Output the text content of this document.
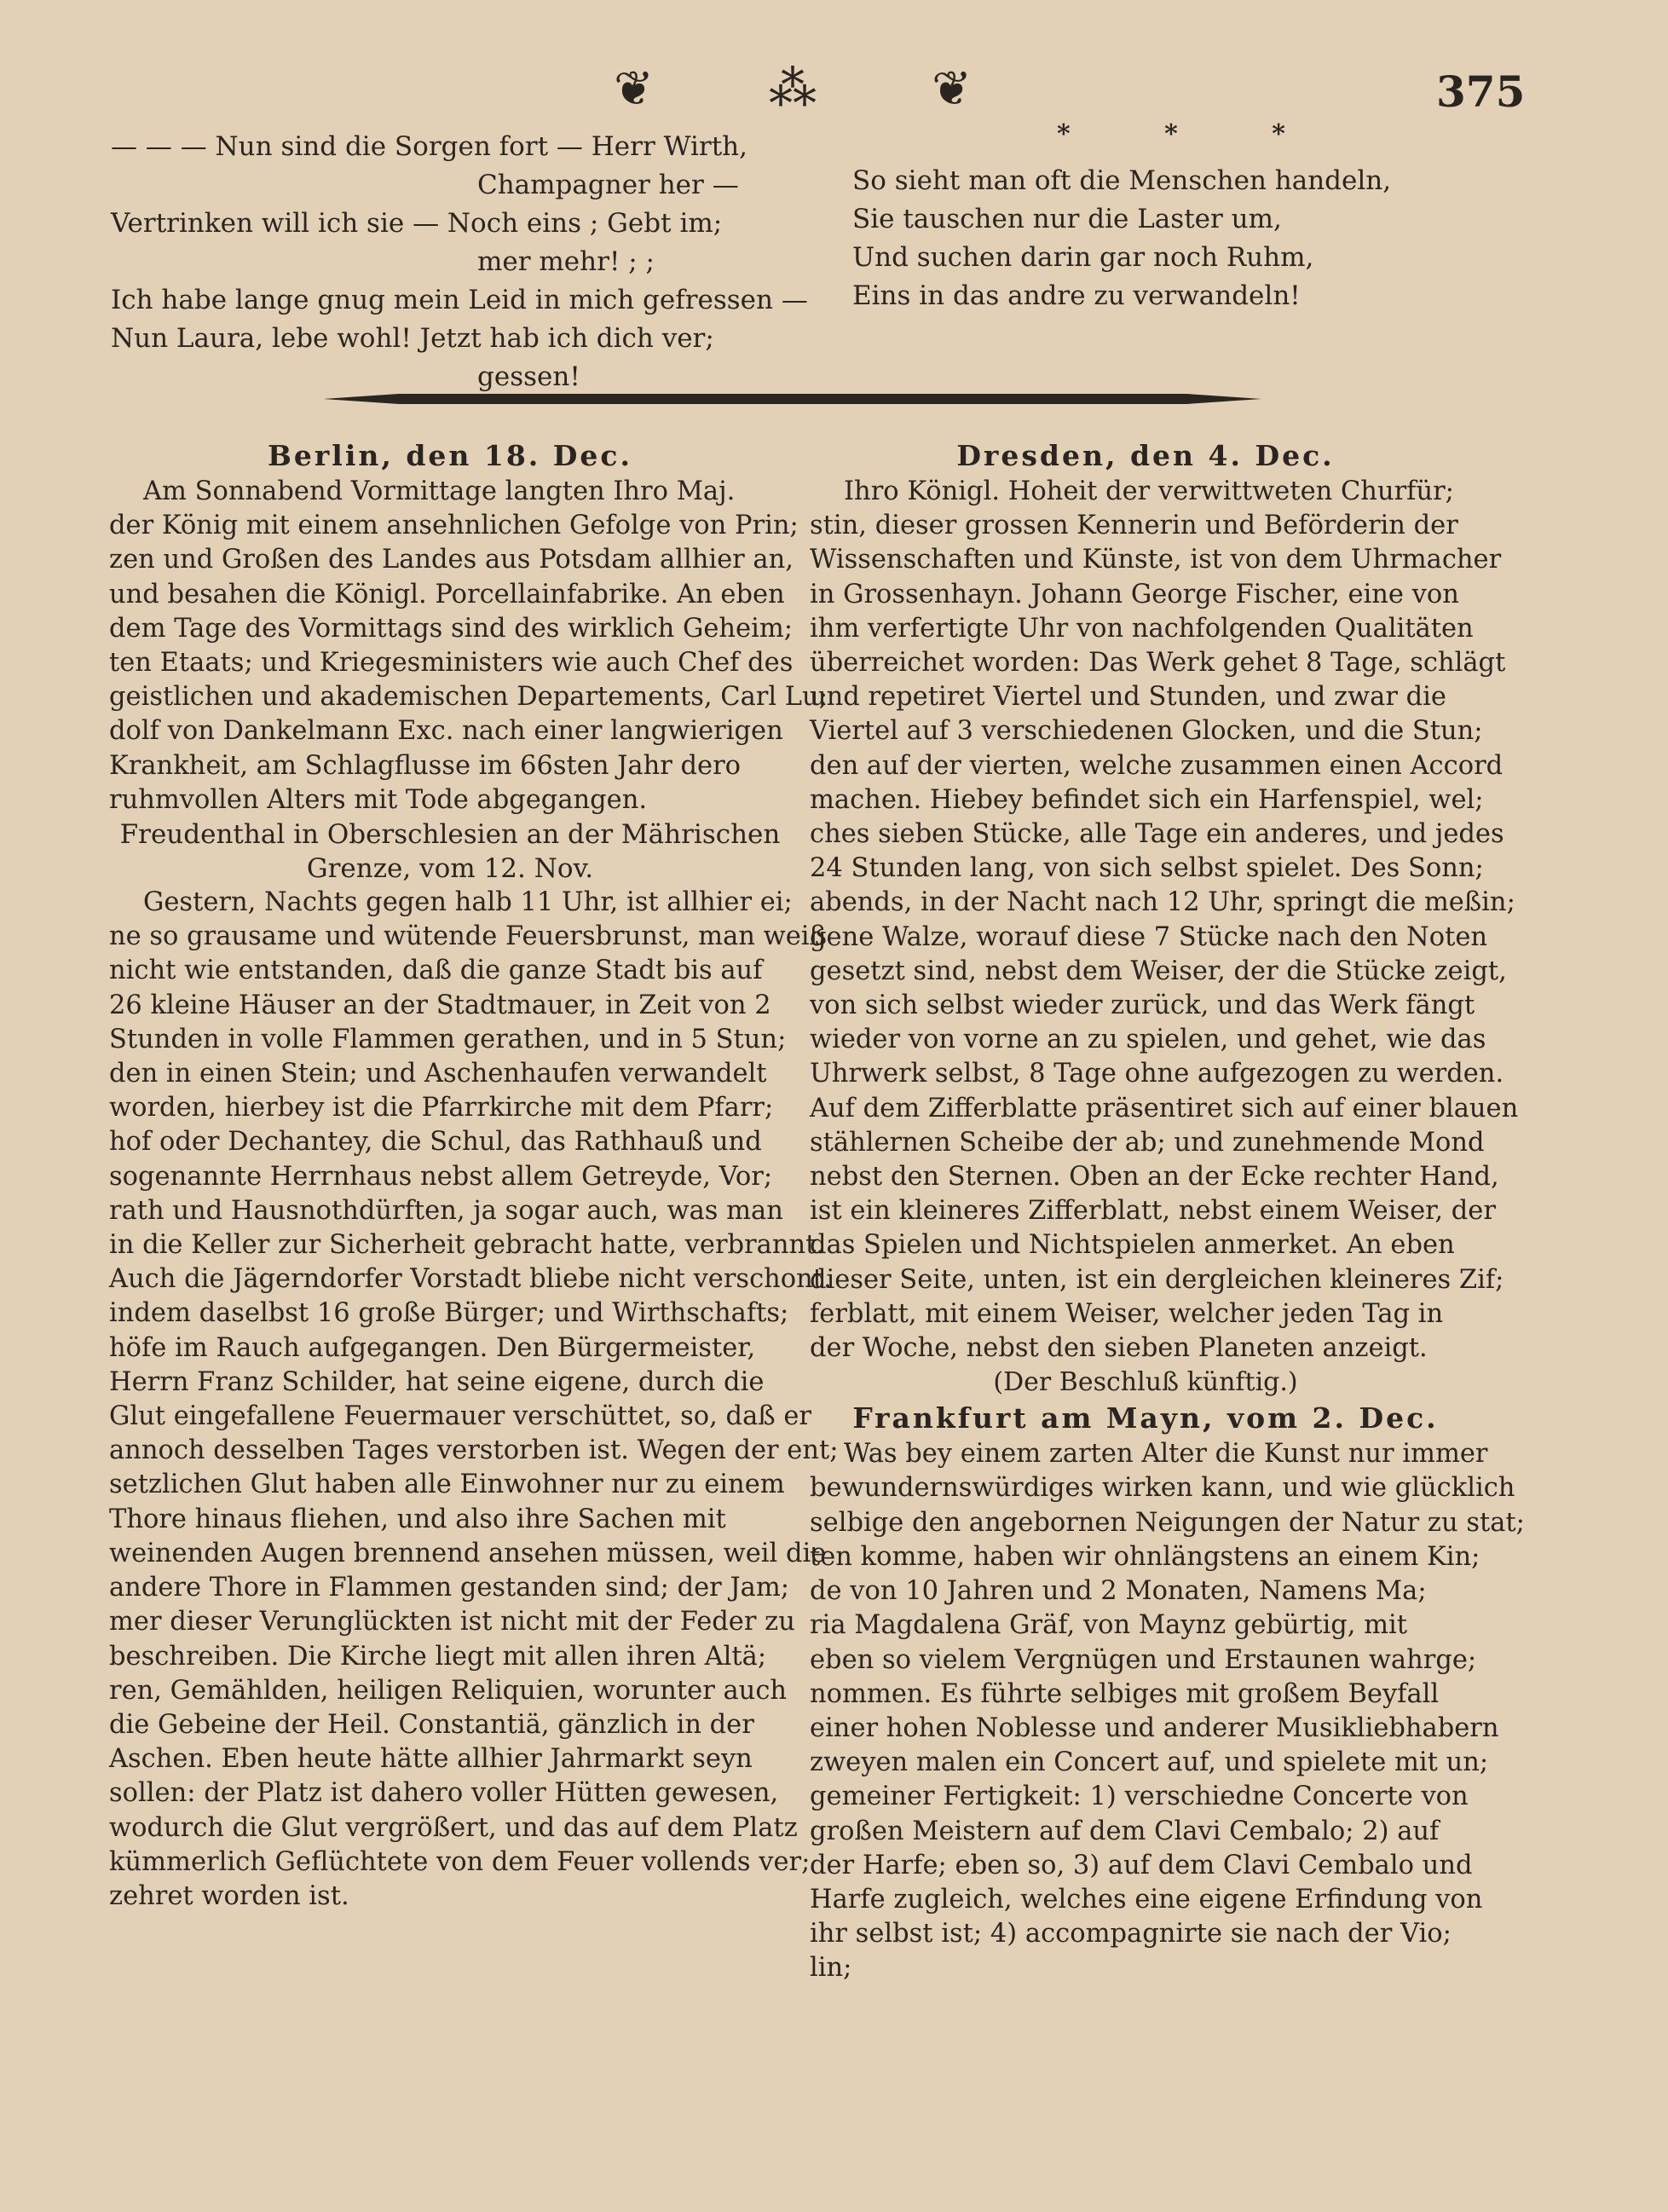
❦ ⁂ ❦	375
— — — Nun sind die Sorgen fort — Herr Wirth,
Champagner her —
Vertrinken will ich sie — Noch eins ; Gebt im;
mer mehr! ; ;
Ich habe lange gnug mein Leid in mich gefressen —
Nun Laura, lebe wohl! Jetzt hab ich dich ver;
gessen!
* * *
So sieht man oft die Menschen handeln,
Sie tauschen nur die Laster um,
Und suchen darin gar noch Ruhm,
Eins in das andre zu verwandeln!
Berlin, den 18. Dec.
Am Sonnabend Vormittage langten Ihro Maj.
der König mit einem ansehnlichen Gefolge von Prin;
zen und Großen des Landes aus Potsdam allhier an,
und besahen die Königl. Porcellainfabrike. An eben
dem Tage des Vormittags sind des wirklich Geheim;
ten Etaats; und Kriegesministers wie auch Chef des
geistlichen und akademischen Departements, Carl Lu;
dolf von Dankelmann Exc. nach einer langwierigen
Krankheit, am Schlagflusse im 66sten Jahr dero
ruhmvollen Alters mit Tode abgegangen.
Freudenthal in Oberschlesien an der Mährischen
Grenze, vom 12. Nov.
Gestern, Nachts gegen halb 11 Uhr, ist allhier ei;
ne so grausame und wütende Feuersbrunst, man weiß
nicht wie entstanden, daß die ganze Stadt bis auf
26 kleine Häuser an der Stadtmauer, in Zeit von 2
Stunden in volle Flammen gerathen, und in 5 Stun;
den in einen Stein; und Aschenhaufen verwandelt
worden, hierbey ist die Pfarrkirche mit dem Pfarr;
hof oder Dechantey, die Schul, das Rathhauß und
sogenannte Herrnhaus nebst allem Getreyde, Vor;
rath und Hausnothdürften, ja sogar auch, was man
in die Keller zur Sicherheit gebracht hatte, verbrannt.
Auch die Jägerndorfer Vorstadt bliebe nicht verschont.
indem daselbst 16 große Bürger; und Wirthschafts;
höfe im Rauch aufgegangen. Den Bürgermeister,
Herrn Franz Schilder, hat seine eigene, durch die
Glut eingefallene Feuermauer verschüttet, so, daß er
annoch desselben Tages verstorben ist. Wegen der ent;
setzlichen Glut haben alle Einwohner nur zu einem
Thore hinaus fliehen, und also ihre Sachen mit
weinenden Augen brennend ansehen müssen, weil die
andere Thore in Flammen gestanden sind; der Jam;
mer dieser Verunglückten ist nicht mit der Feder zu
beschreiben. Die Kirche liegt mit allen ihren Altä;
ren, Gemählden, heiligen Reliquien, worunter auch
die Gebeine der Heil. Constantiä, gänzlich in der
Aschen. Eben heute hätte allhier Jahrmarkt seyn
sollen: der Platz ist dahero voller Hütten gewesen,
wodurch die Glut vergrößert, und das auf dem Platz
kümmerlich Geflüchtete von dem Feuer vollends ver;
zehret worden ist.
Dresden, den 4. Dec.
Ihro Königl. Hoheit der verwittweten Churfür;
stin, dieser grossen Kennerin und Beförderin der
Wissenschaften und Künste, ist von dem Uhrmacher
in Grossenhayn. Johann George Fischer, eine von
ihm verfertigte Uhr von nachfolgenden Qualitäten
überreichet worden: Das Werk gehet 8 Tage, schlägt
und repetiret Viertel und Stunden, und zwar die
Viertel auf 3 verschiedenen Glocken, und die Stun;
den auf der vierten, welche zusammen einen Accord
machen. Hiebey befindet sich ein Harfenspiel, wel;
ches sieben Stücke, alle Tage ein anderes, und jedes
24 Stunden lang, von sich selbst spielet. Des Sonn;
abends, in der Nacht nach 12 Uhr, springt die meßin;
gene Walze, worauf diese 7 Stücke nach den Noten
gesetzt sind, nebst dem Weiser, der die Stücke zeigt,
von sich selbst wieder zurück, und das Werk fängt
wieder von vorne an zu spielen, und gehet, wie das
Uhrwerk selbst, 8 Tage ohne aufgezogen zu werden.
Auf dem Zifferblatte präsentiret sich auf einer blauen
stählernen Scheibe der ab; und zunehmende Mond
nebst den Sternen. Oben an der Ecke rechter Hand,
ist ein kleineres Zifferblatt, nebst einem Weiser, der
das Spielen und Nichtspielen anmerket. An eben
dieser Seite, unten, ist ein dergleichen kleineres Zif;
ferblatt, mit einem Weiser, welcher jeden Tag in
der Woche, nebst den sieben Planeten anzeigt.
(Der Beschluß künftig.)
Frankfurt am Mayn, vom 2. Dec.
Was bey einem zarten Alter die Kunst nur immer
bewundernswürdiges wirken kann, und wie glücklich
selbige den angebornen Neigungen der Natur zu stat;
ten komme, haben wir ohnlängstens an einem Kin;
de von 10 Jahren und 2 Monaten, Namens Ma;
ria Magdalena Gräf, von Maynz gebürtig, mit
eben so vielem Vergnügen und Erstaunen wahrge;
nommen. Es führte selbiges mit großem Beyfall
einer hohen Noblesse und anderer Musikliebhabern
zweyen malen ein Concert auf, und spielete mit un;
gemeiner Fertigkeit: 1) verschiedne Concerte von
großen Meistern auf dem Clavi Cembalo; 2) auf
der Harfe; eben so, 3) auf dem Clavi Cembalo und
Harfe zugleich, welches eine eigene Erfindung von
ihr selbst ist; 4) accompagnirte sie nach der Vio;
lin;
